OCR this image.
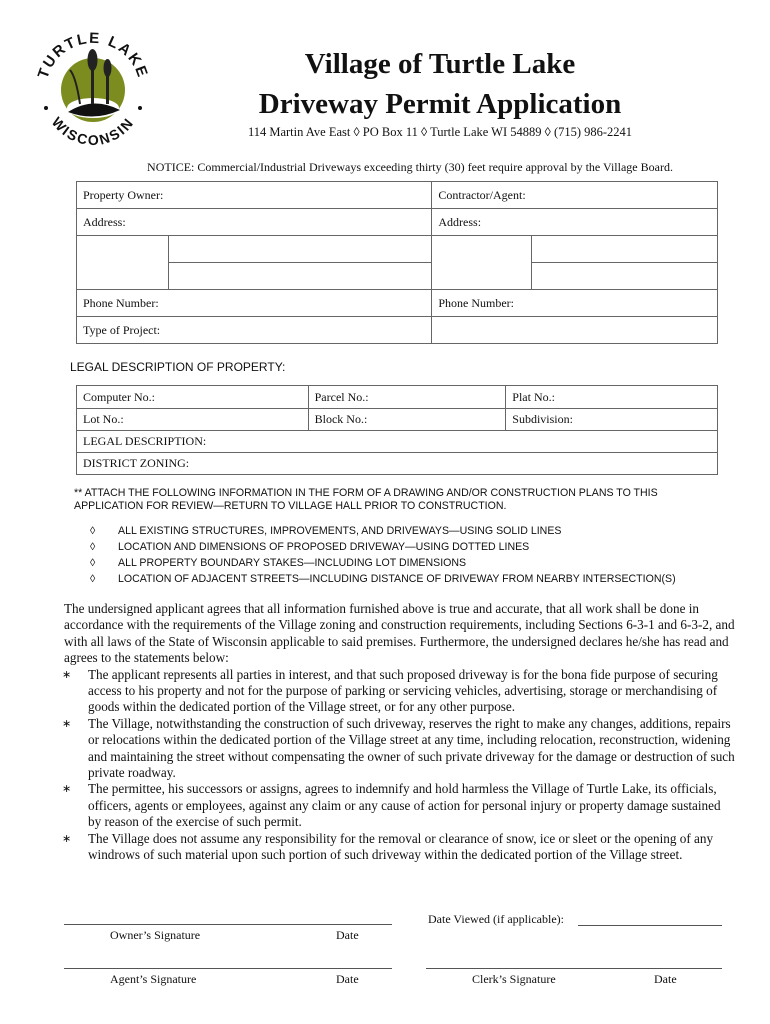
TURTLE LAKE
WISCONSIN
Village of Turtle Lake
Driveway Permit Application
114 Martin Ave East ◊ PO Box 11 ◊ Turtle Lake WI 54889 ◊ (715) 986-2241
NOTICE: Commercial/Industrial Driveways exceeding thirty (30) feet require approval by the Village Board.
Property Owner:		Contractor/Agent:	
Address:		Address:	

Phone Number:		Phone Number:	
Type of Project:			
LEGAL DESCRIPTION OF PROPERTY:
Computer No.:	Parcel No.:	Plat No.:
Lot No.:	Block No.:	Subdivision:
LEGAL DESCRIPTION:		
DISTRICT ZONING:		
** ATTACH THE FOLLOWING INFORMATION IN THE FORM OF A DRAWING AND/OR CONSTRUCTION PLANS TO THIS APPLICATION FOR REVIEW—RETURN TO VILLAGE HALL PRIOR TO CONSTRUCTION.
◊ ALL EXISTING STRUCTURES, IMPROVEMENTS, AND DRIVEWAYS—USING SOLID LINES
◊ LOCATION AND DIMENSIONS OF PROPOSED DRIVEWAY—USING DOTTED LINES
◊ ALL PROPERTY BOUNDARY STAKES—INCLUDING LOT DIMENSIONS
◊ LOCATION OF ADJACENT STREETS—INCLUDING DISTANCE OF DRIVEWAY FROM NEARBY INTERSECTION(S)

The undersigned applicant agrees that all information furnished above is true and accurate, that all work shall be done in accordance with the requirements of the Village zoning and construction requirements, including Sections 6-3-1 and 6-3-2, and with all laws of the State of Wisconsin applicable to said premises. Furthermore, the undersigned declares he/she has read and agrees to the statements below:

∗ The applicant represents all parties in interest, and that such proposed driveway is for the bona fide purpose of securing access to his property and not for the purpose of parking or servicing vehicles, advertising, storage or merchandising of goods within the dedicated portion of the Village street, or for any other purpose.
∗ The Village, notwithstanding the construction of such driveway, reserves the right to make any changes, additions, repairs or relocations within the dedicated portion of the Village street at any time, including relocation, reconstruction, widening and maintaining the street without compensating the owner of such private driveway for the damage or destruction of such private roadway.
∗ The permittee, his successors or assigns, agrees to indemnify and hold harmless the Village of Turtle Lake, its officials, officers, agents or employees, against any claim or any cause of action for personal injury or property damage sustained by reason of the exercise of such permit.
∗ The Village does not assume any responsibility for the removal or clearance of snow, ice or sleet or the opening of any windrows of such material upon such portion of such driveway within the dedicated portion of the Village street.
Owner’s Signature	Date
Date Viewed (if applicable):
Agent’s Signature	Date	Clerk’s Signature	Date
